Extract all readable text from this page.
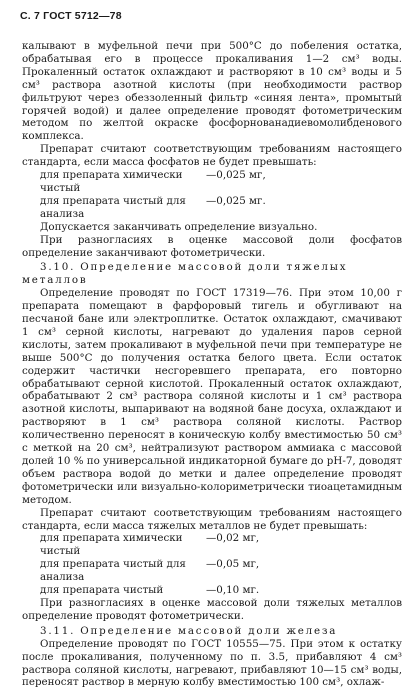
С. 7 ГОСТ 5712—78

калывают в муфельной печи при 500°С до побеления остатка, обрабатывая его в процессе прокаливания 1—2 см³ воды. Прокаленный остаток охлаждают и растворяют в 10 см³ воды и 5 см³ раствора азотной кислоты (при необходимости раствор фильтруют через обеззоленный фильтр «синяя лента», промытый горячей водой) и далее определение проводят фотометрическим методом по желтой окраске фосфорнованадиевомолибденового комплекса.

Препарат считают соответствующим требованиям настоящего стандарта, если масса фосфатов не будет превышать:

для препарата химически чистый
—0,025 мг,
для препарата чистый для анализа
—0,025 мг.

Допускается заканчивать определение визуально.

При разногласиях в оценке массовой доли фосфатов определение заканчивают фотометрически.

3.10. Определение массовой доли тяжелых металлов

Определение проводят по ГОСТ 17319—76. При этом 10,00 г препарата помещают в фарфоровый тигель и обугливают на песчаной бане или электроплитке. Остаток охлаждают, смачивают 1 см³ серной кислоты, нагревают до удаления паров серной кислоты, затем прокаливают в муфельной печи при температуре не выше 500°С до получения остатка белого цвета. Если остаток содержит частички несгоревшего препарата, его повторно обрабатывают серной кислотой. Прокаленный остаток охлаждают, обрабатывают 2 см³ раствора соляной кислоты и 1 см³ раствора азотной кислоты, выпаривают на водяной бане досуха, охлаждают и растворяют в 1 см³ раствора соляной кислоты. Раствор количественно переносят в коническую колбу вместимостью 50 см³ с меткой на 20 см³, нейтрализуют раствором аммиака с массовой долей 10 % по универсальной индикаторной бумаге до рН-7, доводят объем раствора водой до метки и далее определение проводят фотометрически или визуально-колориметрически тиоацетамидным методом.

Препарат считают соответствующим требованиям настоящего стандарта, если масса тяжелых металлов не будет превышать:

для препарата химически чистый
—0,02 мг,
для препарата чистый для анализа
—0,05 мг,
для препарата чистый	—0,10 мг.

При разногласиях в оценке массовой доли тяжелых металлов определение проводят фотометрически.

3.11. Определение массовой доли железа

Определение проводят по ГОСТ 10555—75. При этом к остатку после прокаливания, полученному по п. 3.5, прибавляют 4 см³ раствора соляной кислоты, нагревают, прибавляют 10—15 см³ воды, переносят раствор в мерную колбу вместимостью 100 см³, охлаж-
